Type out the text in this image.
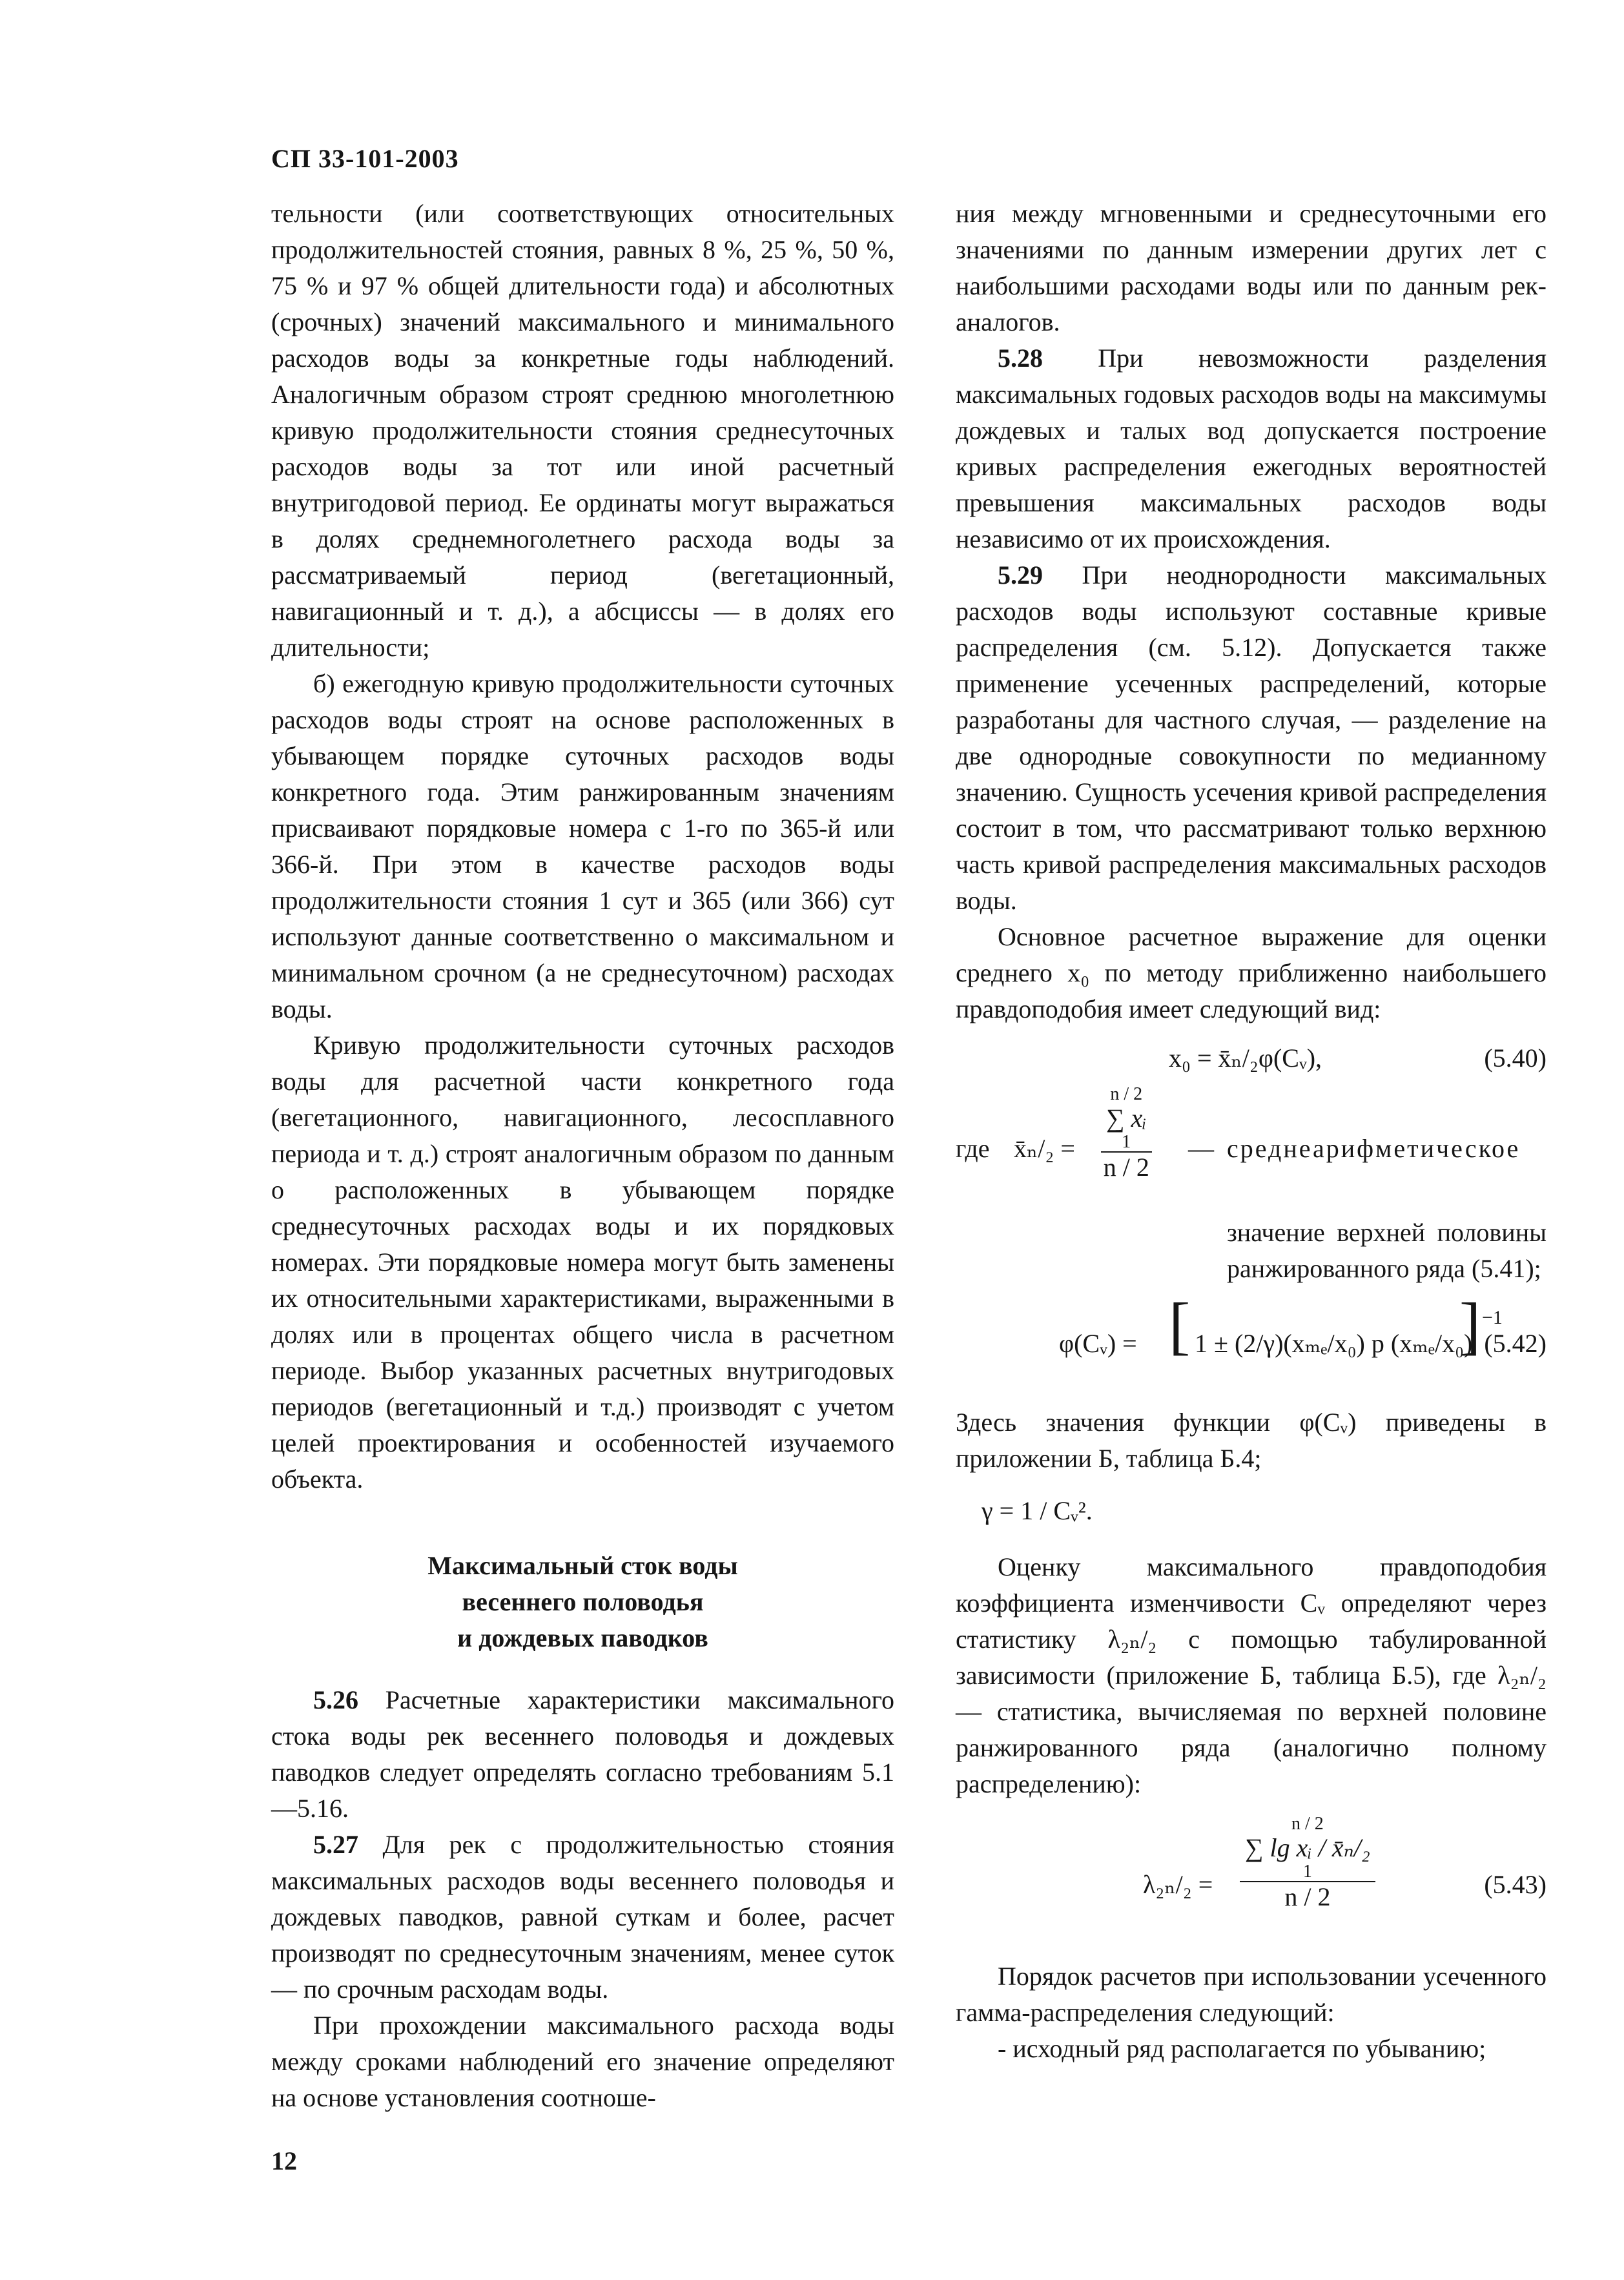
СП 33-101-2003

тельности (или соответствующих относительных продолжительностей стояния, равных 8 %, 25 %, 50 %, 75 % и 97 % общей длительности года) и абсолютных (срочных) значений максимального и минимального расходов воды за конкретные годы наблюдений. Аналогичным образом строят среднюю многолетнюю кривую продолжительности стояния среднесуточных расходов воды за тот или иной расчетный внутригодовой период. Ее ординаты могут выражаться в долях среднемноголетнего расхода воды за рассматриваемый период (вегетационный, навигационный и т. д.), а абсциссы — в долях его длительности;

б) ежегодную кривую продолжительности суточных расходов воды строят на основе расположенных в убывающем порядке суточных расходов воды конкретного года. Этим ранжированным значениям присваивают порядковые номера с 1-го по 365-й или 366-й. При этом в качестве расходов воды продолжительности стояния 1 сут и 365 (или 366) сут используют данные соответственно о максимальном и минимальном срочном (а не среднесуточном) расходах воды.

Кривую продолжительности суточных расходов воды для расчетной части конкретного года (вегетационного, навигационного, лесосплавного периода и т. д.) строят аналогичным образом по данным о расположенных в убывающем порядке среднесуточных расходах воды и их порядковых номерах. Эти порядковые номера могут быть заменены их относительными характеристиками, выраженными в долях или в процентах общего числа в расчетном периоде. Выбор указанных расчетных внутригодовых периодов (вегетационный и т.д.) производят с учетом целей проектирования и особенностей изучаемого объекта.

Максимальный сток воды
весеннего половодья
и дождевых паводков

5.26 Расчетные характеристики максимального стока воды рек весеннего половодья и дождевых паводков следует определять согласно требованиям 5.1—5.16.

5.27 Для рек с продолжительностью стояния максимальных расходов воды весеннего половодья и дождевых паводков, равной суткам и более, расчет производят по среднесуточным значениям, менее суток — по срочным расходам воды.

При прохождении максимального расхода воды между сроками наблюдений его значение определяют на основе установления соотноше-

ния между мгновенными и среднесуточными его значениями по данным измерении других лет с наибольшими расходами воды или по данным рек-аналогов.

5.28 При невозможности разделения максимальных годовых расходов воды на максимумы дождевых и талых вод допускается построение кривых распределения ежегодных вероятностей превышения максимальных расходов воды независимо от их происхождения.

5.29 При неоднородности максимальных расходов воды используют составные кривые распределения (см. 5.12). Допускается также применение усеченных распределений, которые разработаны для частного случая, — разделение на две однородные совокупности по медианному значению. Сущность усечения кривой распределения состоит в том, что рассматривают только верхнюю часть кривой распределения максимальных расходов воды.

Основное расчетное выражение для оценки среднего x₀ по методу приближенно наибольшего правдоподобия имеет следующий вид:

x₀ = x̄ₙ/₂φ(Cᵥ),	(5.40)
где x̄ₙ/₂ = n / 2
∑ xᵢ
1
n / 2 — среднеарифметическое

значение верхней половины ранжированного ряда (5.41);

φ(Cᵥ) = [ 1 ± (2/γ)(xₘₑ/x₀) p (xₘₑ/x₀)
] −1
(5.42)

Здесь значения функции φ(Cᵥ) приведены в приложении Б, таблица Б.4;

γ = 1 / Cᵥ².

Оценку максимального правдоподобия коэффициента изменчивости Cᵥ определяют через статистику λ₂ₙ/₂ с помощью табулированной зависимости (приложение Б, таблица Б.5), где λ₂ₙ/₂ — статистика, вычисляемая по верхней половине ранжированного ряда (аналогично полному распределению):

λ₂ₙ/₂ = n / 2
∑ lg xᵢ / x̄ₙ/₂
1
n / 2	(5.43)

Порядок расчетов при использовании усеченного гамма-распределения следующий:

- исходный ряд располагается по убыванию;

12
